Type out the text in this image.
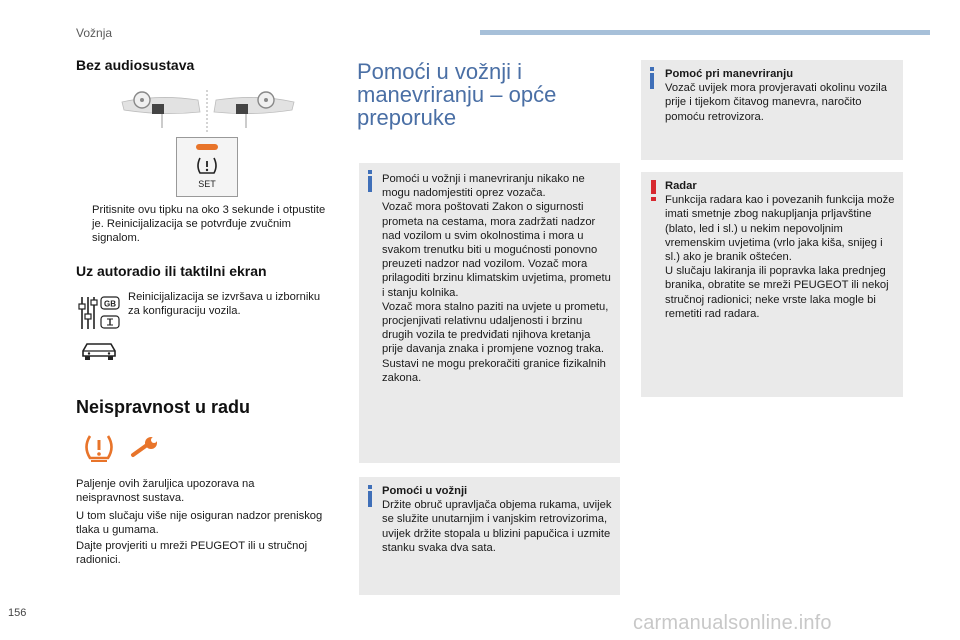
Vožnja
Bez audiosustava
SET
Pritisnite ovu tipku na oko 3 sekunde i otpustite je. Reinicijalizacija se potvrđuje zvučnim signalom.
Uz autoradio ili taktilni ekran
GB
Reinicijalizacija se izvršava u izborniku za konfiguraciju vozila.
Neispravnost u radu
Paljenje ovih žaruljica upozorava na neispravnost sustava.
U tom slučaju više nije osiguran nadzor preniskog tlaka u gumama.
Dajte provjeriti u mreži PEUGEOT ili u stručnoj radionici.
Pomoći u vožnji i manevriranju – opće preporuke
Pomoći u vožnji i manevriranju nikako ne mogu nadomjestiti oprez vozača.
Vozač mora poštovati Zakon o sigurnosti prometa na cestama, mora zadržati nadzor nad vozilom u svim okolnostima i mora u svakom trenutku biti u mogućnosti ponovno preuzeti nadzor nad vozilom. Vozač mora prilagoditi brzinu klimatskim uvjetima, prometu i stanju kolnika.
Vozač mora stalno paziti na uvjete u prometu, procjenjivati relativnu udaljenosti i brzinu drugih vozila te predviđati njihova kretanja prije davanja znaka i promjene voznog traka.
Sustavi ne mogu prekoračiti granice fizikalnih zakona.
Pomoći u vožnji
Držite obruč upravljača objema rukama, uvijek se služite unutarnjim i vanjskim retrovizorima, uvijek držite stopala u blizini papučica i uzmite stanku svaka dva sata.
Pomoć pri manevriranju
Vozač uvijek mora provjeravati okolinu vozila prije i tijekom čitavog manevra, naročito pomoću retrovizora.
Radar
Funkcija radara kao i povezanih funkcija može imati smetnje zbog nakupljanja prljavštine (blato, led i sl.) u nekim nepovoljnim vremenskim uvjetima (vrlo jaka kiša, snijeg i sl.) ako je branik oštećen.
U slučaju lakiranja ili popravka laka prednjeg branika, obratite se mreži PEUGEOT ili nekoj stručnoj radionici; neke vrste laka mogle bi remetiti rad radara.
156	carmanualsonline.info
